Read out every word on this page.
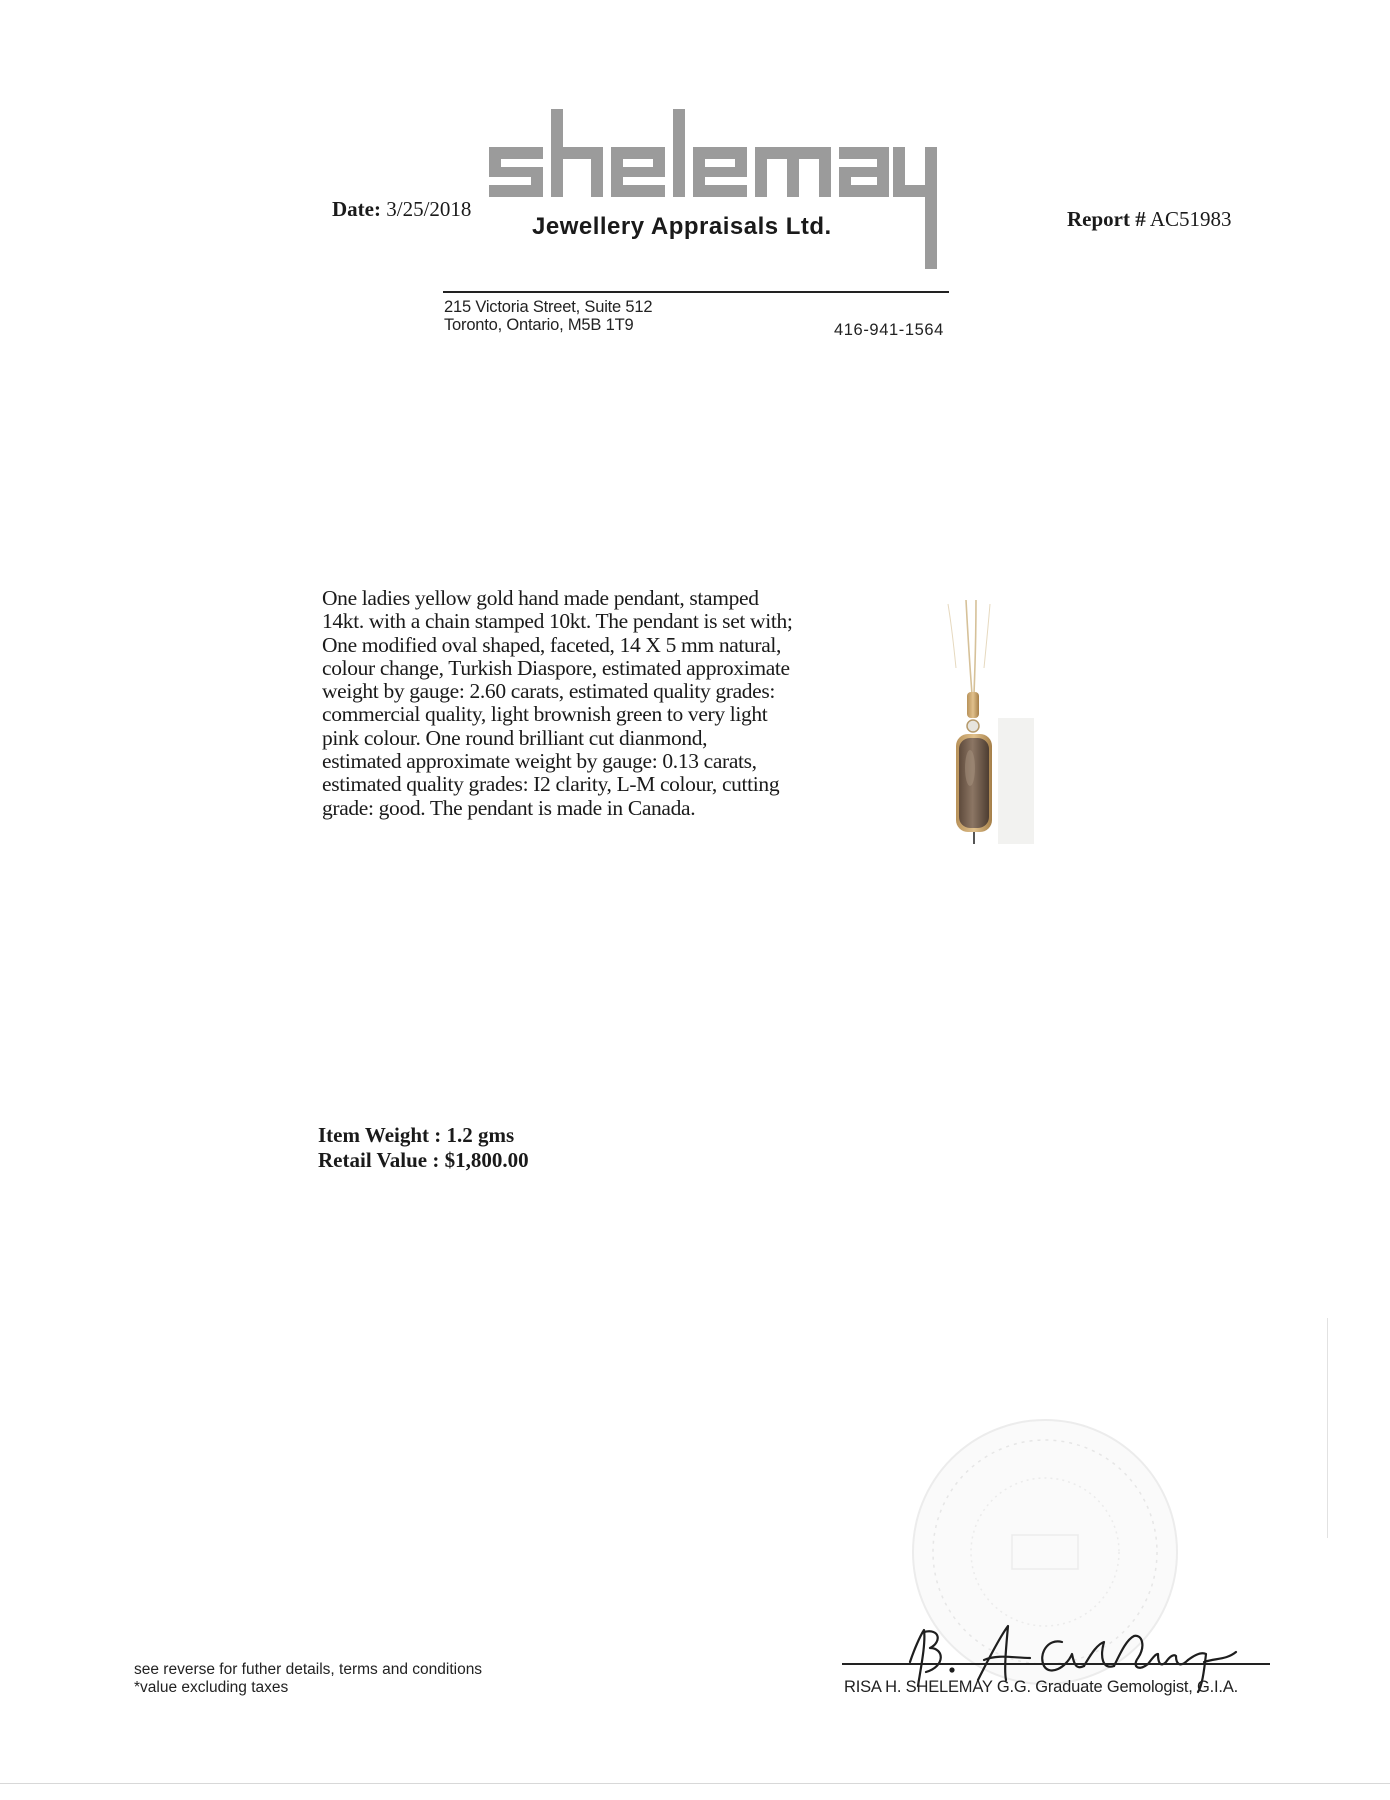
Date: 3/25/2018
Jewellery Appraisals Ltd.	Report # AC51983
215 Victoria Street, Suite 512
Toronto, Ontario, M5B 1T9	416-941-1564
One ladies yellow gold hand made pendant, stamped
14kt. with a chain stamped 10kt. The pendant is set with;
One modified oval shaped, faceted, 14 X 5 mm natural,
colour change, Turkish Diaspore, estimated approximate
weight by gauge: 2.60 carats, estimated quality grades:
commercial quality, light brownish green to very light
pink colour. One round brilliant cut dianmond,
estimated approximate weight by gauge: 0.13 carats,
estimated quality grades: I2 clarity, L-M colour, cutting
grade: good. The pendant is made in Canada.
Item Weight : 1.2 gms
Retail Value : $1,800.00
RISA H. SHELEMAY G.G. Graduate Gemologist, G.I.A.
see reverse for futher details, terms and conditions
*value excluding taxes
